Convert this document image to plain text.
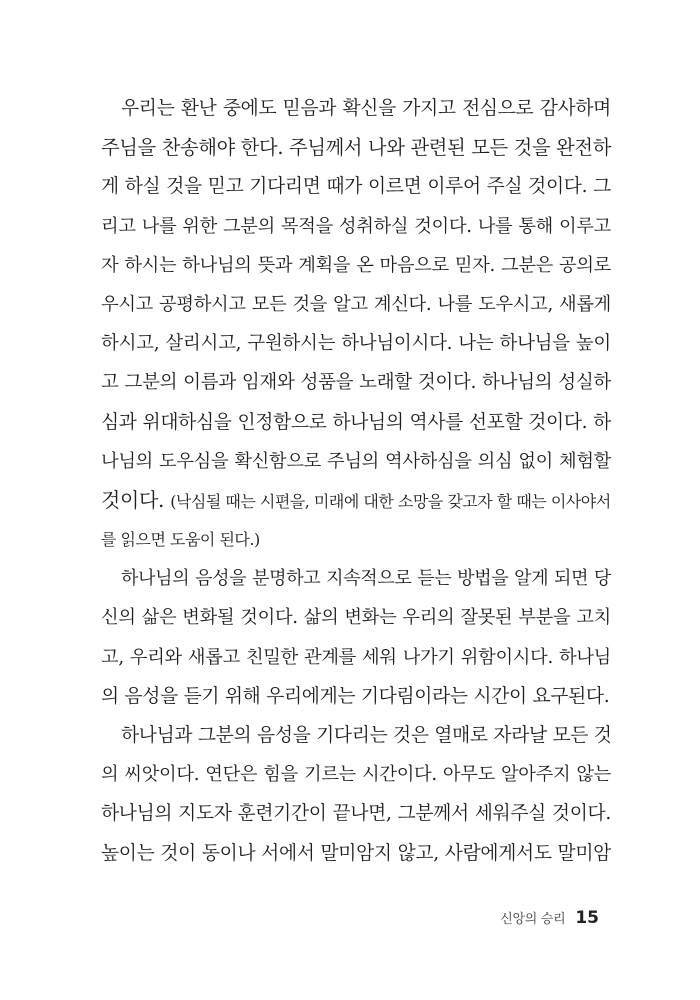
우리는 환난 중에도 믿음과 확신을 가지고 전심으로 감사하며
주님을 찬송해야 한다. 주님께서 나와 관련된 모든 것을 완전하
게 하실 것을 믿고 기다리면 때가 이르면 이루어 주실 것이다. 그
리고 나를 위한 그분의 목적을 성취하실 것이다. 나를 통해 이루고
자 하시는 하나님의 뜻과 계획을 온 마음으로 믿자. 그분은 공의로
우시고 공평하시고 모든 것을 알고 계신다. 나를 도우시고, 새롭게
하시고, 살리시고, 구원하시는 하나님이시다. 나는 하나님을 높이
고 그분의 이름과 임재와 성품을 노래할 것이다. 하나님의 성실하
심과 위대하심을 인정함으로 하나님의 역사를 선포할 것이다. 하
나님의 도우심을 확신함으로 주님의 역사하심을 의심 없이 체험할
것이다. (낙심될 때는 시편을, 미래에 대한 소망을 갖고자 할 때는 이사야서
를 읽으면 도움이 된다.)
하나님의 음성을 분명하고 지속적으로 듣는 방법을 알게 되면 당
신의 삶은 변화될 것이다. 삶의 변화는 우리의 잘못된 부분을 고치
고, 우리와 새롭고 친밀한 관계를 세워 나가기 위함이시다. 하나님
의 음성을 듣기 위해 우리에게는 기다림이라는 시간이 요구된다.
하나님과 그분의 음성을 기다리는 것은 열매로 자라날 모든 것
의 씨앗이다. 연단은 힘을 기르는 시간이다. 아무도 알아주지 않는
하나님의 지도자 훈련기간이 끝나면, 그분께서 세워주실 것이다.
높이는 것이 동이나 서에서 말미암지 않고, 사람에게서도 말미암
신앙의 승리 15
